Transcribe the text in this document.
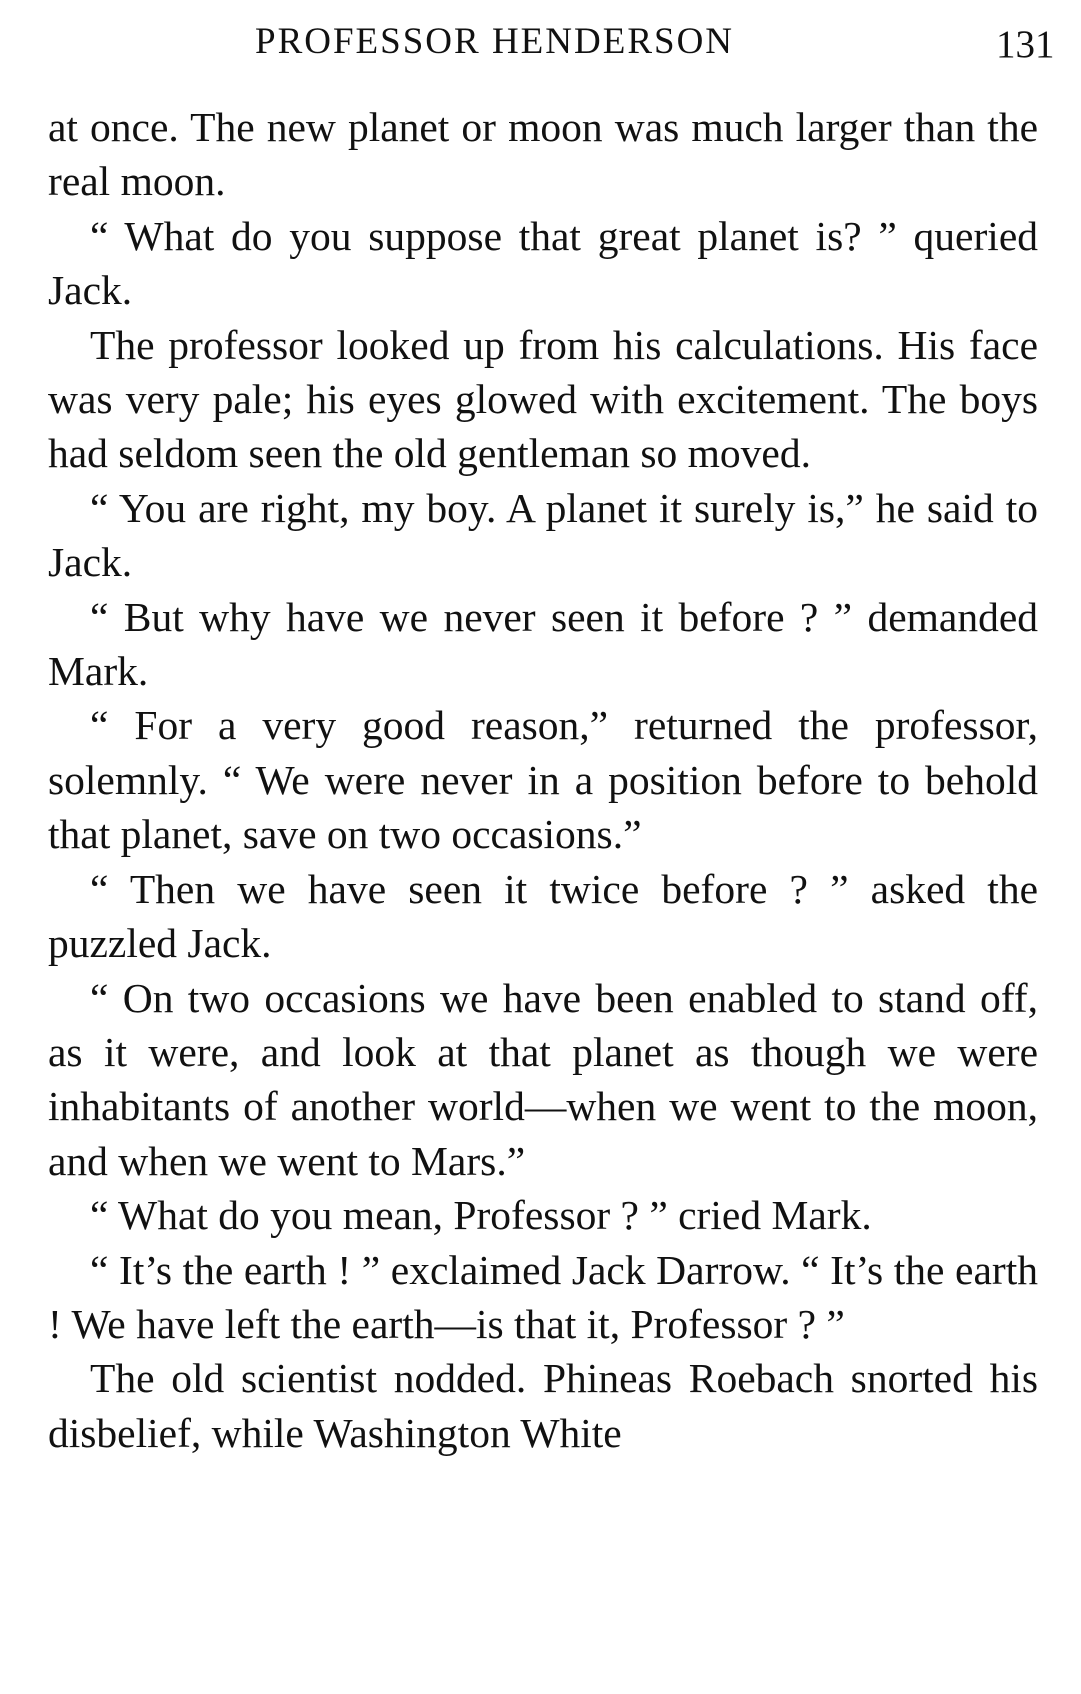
PROFESSOR HENDERSON	131

at once. The new planet or moon was much larger than the real moon.

“ What do you suppose that great planet is? ” queried Jack.

The professor looked up from his calculations. His face was very pale; his eyes glowed with excitement. The boys had seldom seen the old gentleman so moved.

“ You are right, my boy. A planet it surely is,” he said to Jack.

“ But why have we never seen it before ? ” demanded Mark.

“ For a very good reason,” returned the professor, solemnly. “ We were never in a position before to behold that planet, save on two occasions.”

“ Then we have seen it twice before ? ” asked the puzzled Jack.

“ On two occasions we have been enabled to stand off, as it were, and look at that planet as though we were inhabitants of another world—when we went to the moon, and when we went to Mars.”

“ What do you mean, Professor ? ” cried Mark.

“ It’s the earth ! ” exclaimed Jack Darrow. “ It’s the earth ! We have left the earth—is that it, Professor ? ”

The old scientist nodded. Phineas Roebach snorted his disbelief, while Washington White
